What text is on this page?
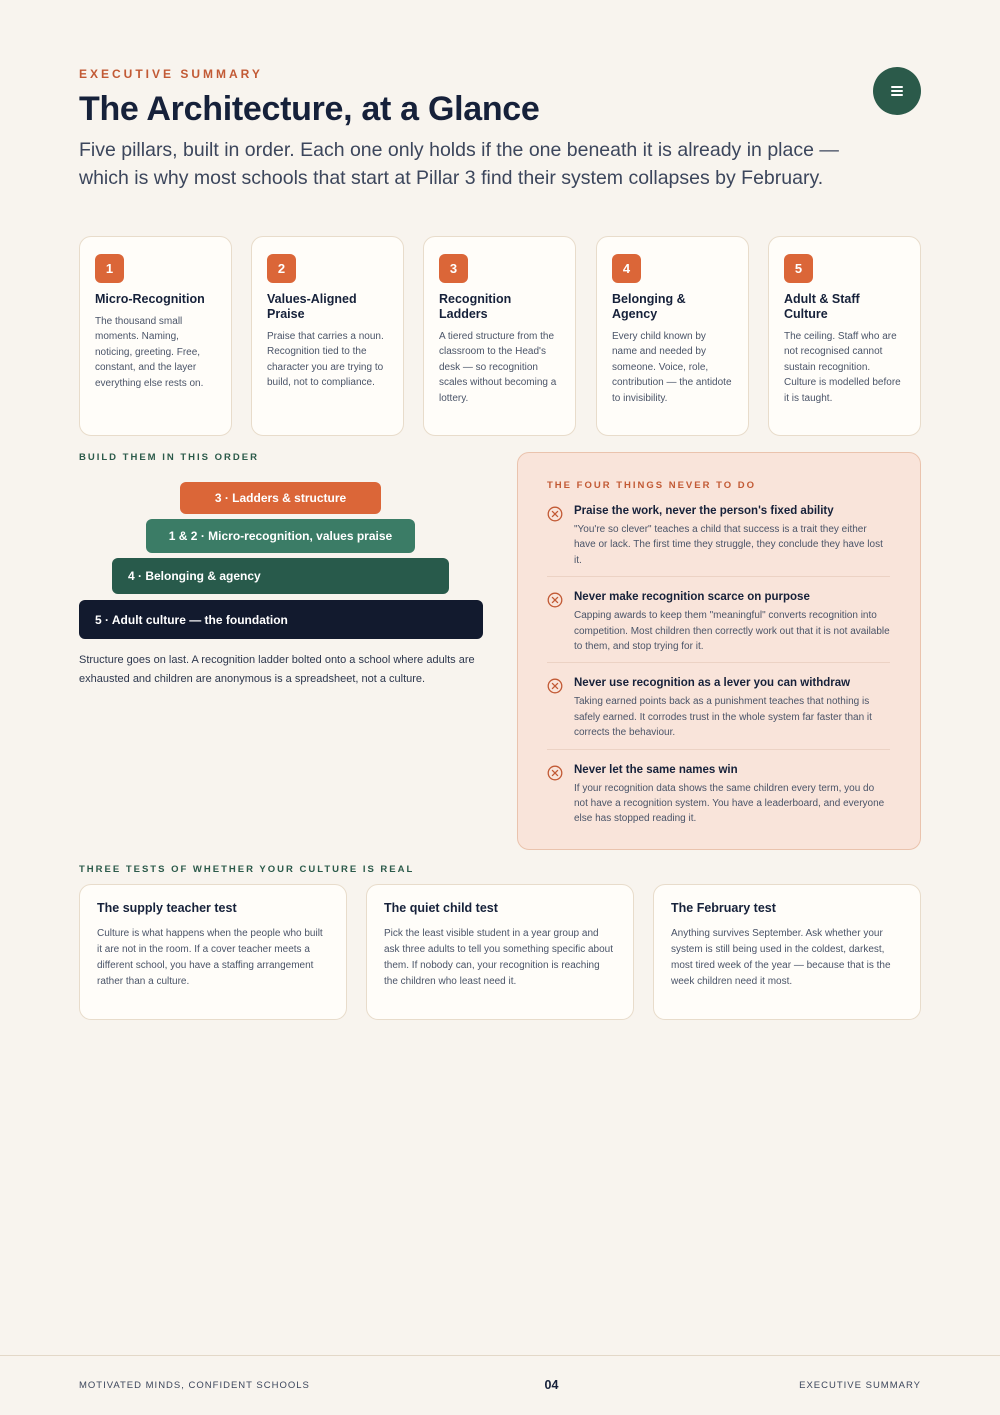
EXECUTIVE SUMMARY
The Architecture, at a Glance

Five pillars, built in order. Each one only holds if the one beneath it is already in place — which is why most schools that start at Pillar 3 find their system collapses by February.

1
Micro-Recognition
The thousand small moments. Naming, noticing, greeting. Free, constant, and the layer everything else rests on.
2
Values-Aligned Praise
Praise that carries a noun. Recognition tied to the character you are trying to build, not to compliance.
3
Recognition Ladders
A tiered structure from the classroom to the Head's desk — so recognition scales without becoming a lottery.
4
Belonging & Agency
Every child known by name and needed by someone. Voice, role, contribution — the antidote to invisibility.
5
Adult & Staff Culture
The ceiling. Staff who are not recognised cannot sustain recognition. Culture is modelled before it is taught.
BUILD THEM IN THIS ORDER
3 · Ladders & structure
1 & 2 · Micro-recognition, values praise
4 · Belonging & agency
5 · Adult culture — the foundation

Structure goes on last. A recognition ladder bolted onto a school where adults are exhausted and children are anonymous is a spreadsheet, not a culture.

THE FOUR THINGS NEVER TO DO
Praise the work, never the person's fixed ability
"You're so clever" teaches a child that success is a trait they either have or lack. The first time they struggle, they conclude they have lost it.
Never make recognition scarce on purpose
Capping awards to keep them "meaningful" converts recognition into competition. Most children then correctly work out that it is not available to them, and stop trying for it.
Never use recognition as a lever you can withdraw
Taking earned points back as a punishment teaches that nothing is safely earned. It corrodes trust in the whole system far faster than it corrects the behaviour.
Never let the same names win
If your recognition data shows the same children every term, you do not have a recognition system. You have a leaderboard, and everyone else has stopped reading it.
THREE TESTS OF WHETHER YOUR CULTURE IS REAL
The supply teacher test
Culture is what happens when the people who built it are not in the room. If a cover teacher meets a different school, you have a staffing arrangement rather than a culture.
The quiet child test
Pick the least visible student in a year group and ask three adults to tell you something specific about them. If nobody can, your recognition is reaching the children who least need it.
The February test
Anything survives September. Ask whether your system is still being used in the coldest, darkest, most tired week of the year — because that is the week children need it most.
MOTIVATED MINDS, CONFIDENT SCHOOLS	04	EXECUTIVE SUMMARY
